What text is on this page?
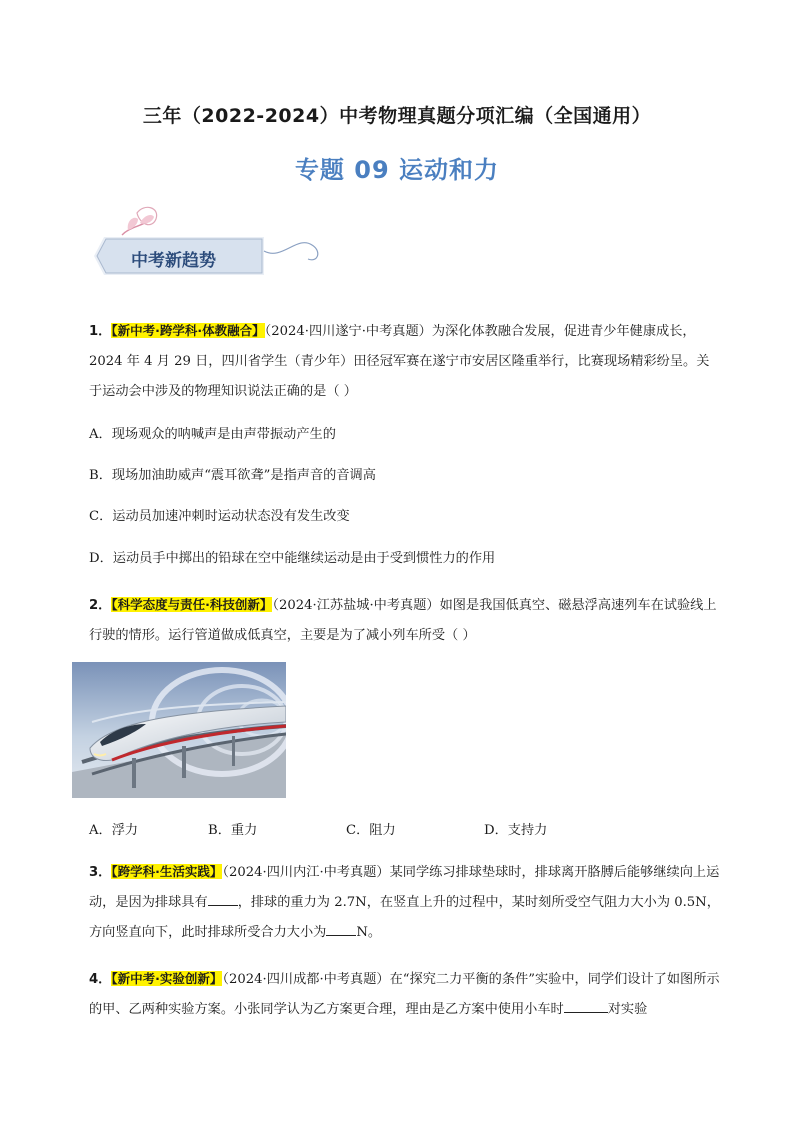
三年（2022-2024）中考物理真题分项汇编（全国通用）
专题 09 运动和力
中考新趋势
1．【新中考·跨学科·体教融合】（2024·四川遂宁·中考真题）为深化体教融合发展，促进青少年健康成长，2024 年 4 月 29 日，四川省学生（青少年）田径冠军赛在遂宁市安居区隆重举行，比赛现场精彩纷呈。关于运动会中涉及的物理知识说法正确的是（ ）
A．现场观众的呐喊声是由声带振动产生的
B．现场加油助威声“震耳欲聋”是指声音的音调高
C．运动员加速冲刺时运动状态没有发生改变
D．运动员手中掷出的铅球在空中能继续运动是由于受到惯性力的作用
2．【科学态度与责任·科技创新】（2024·江苏盐城·中考真题）如图是我国低真空、磁悬浮高速列车在试验线上行驶的情形。运行管道做成低真空，主要是为了减小列车所受（ ）
A．浮力	B．重力	C．阻力	D．支持力
3．【跨学科·生活实践】（2024·四川内江·中考真题）某同学练习排球垫球时，排球离开胳膊后能够继续向上运动，是因为排球具有 ，排球的重力为 2.7N，在竖直上升的过程中，某时刻所受空气阻力大小为 0.5N，方向竖直向下，此时排球所受合力大小为 N。
4．【新中考·实验创新】（2024·四川成都·中考真题）在“探究二力平衡的条件”实验中，同学们设计了如图所示的甲、乙两种实验方案。小张同学认为乙方案更合理，理由是乙方案中使用小车时	对实验
